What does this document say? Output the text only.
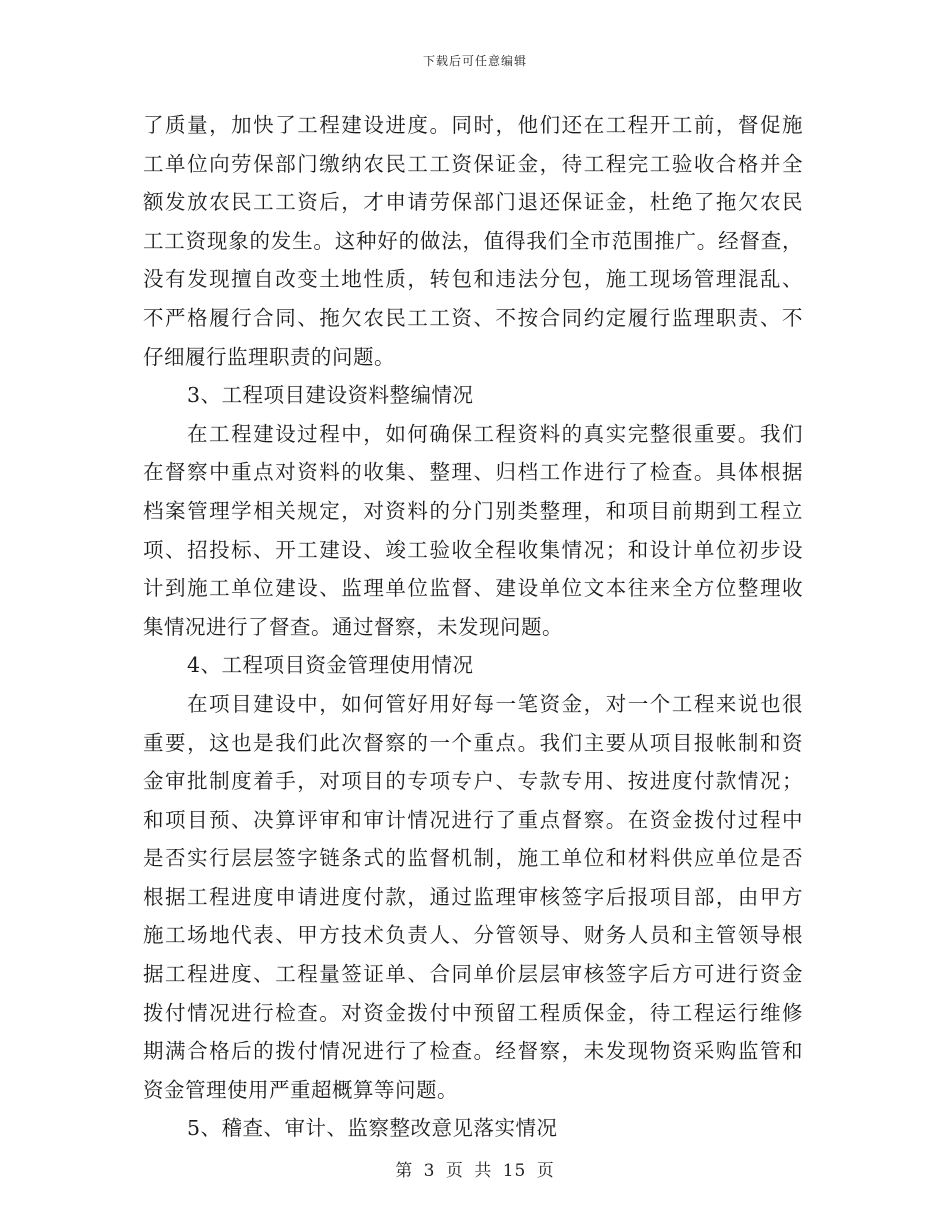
下载后可任意编辑
了质量，加快了工程建设进度。同时，他们还在工程开工前，督促施
工单位向劳保部门缴纳农民工工资保证金，待工程完工验收合格并全
额发放农民工工资后，才申请劳保部门退还保证金，杜绝了拖欠农民
工工资现象的发生。这种好的做法，值得我们全市范围推广。经督查，
没有发现擅自改变土地性质，转包和违法分包，施工现场管理混乱、
不严格履行合同、拖欠农民工工资、不按合同约定履行监理职责、不
仔细履行监理职责的问题。
3、工程项目建设资料整编情况
在工程建设过程中，如何确保工程资料的真实完整很重要。我们
在督察中重点对资料的收集、整理、归档工作进行了检查。具体根据
档案管理学相关规定，对资料的分门别类整理，和项目前期到工程立
项、招投标、开工建设、竣工验收全程收集情况；和设计单位初步设
计到施工单位建设、监理单位监督、建设单位文本往来全方位整理收
集情况进行了督查。通过督察，未发现问题。
4、工程项目资金管理使用情况
在项目建设中，如何管好用好每一笔资金，对一个工程来说也很
重要，这也是我们此次督察的一个重点。我们主要从项目报帐制和资
金审批制度着手，对项目的专项专户、专款专用、按进度付款情况；
和项目预、决算评审和审计情况进行了重点督察。在资金拨付过程中
是否实行层层签字链条式的监督机制，施工单位和材料供应单位是否
根据工程进度申请进度付款，通过监理审核签字后报项目部，由甲方
施工场地代表、甲方技术负责人、分管领导、财务人员和主管领导根
据工程进度、工程量签证单、合同单价层层审核签字后方可进行资金
拨付情况进行检查。对资金拨付中预留工程质保金，待工程运行维修
期满合格后的拨付情况进行了检查。经督察，未发现物资采购监管和
资金管理使用严重超概算等问题。
5、稽查、审计、监察整改意见落实情况
第 3 页 共 15 页
